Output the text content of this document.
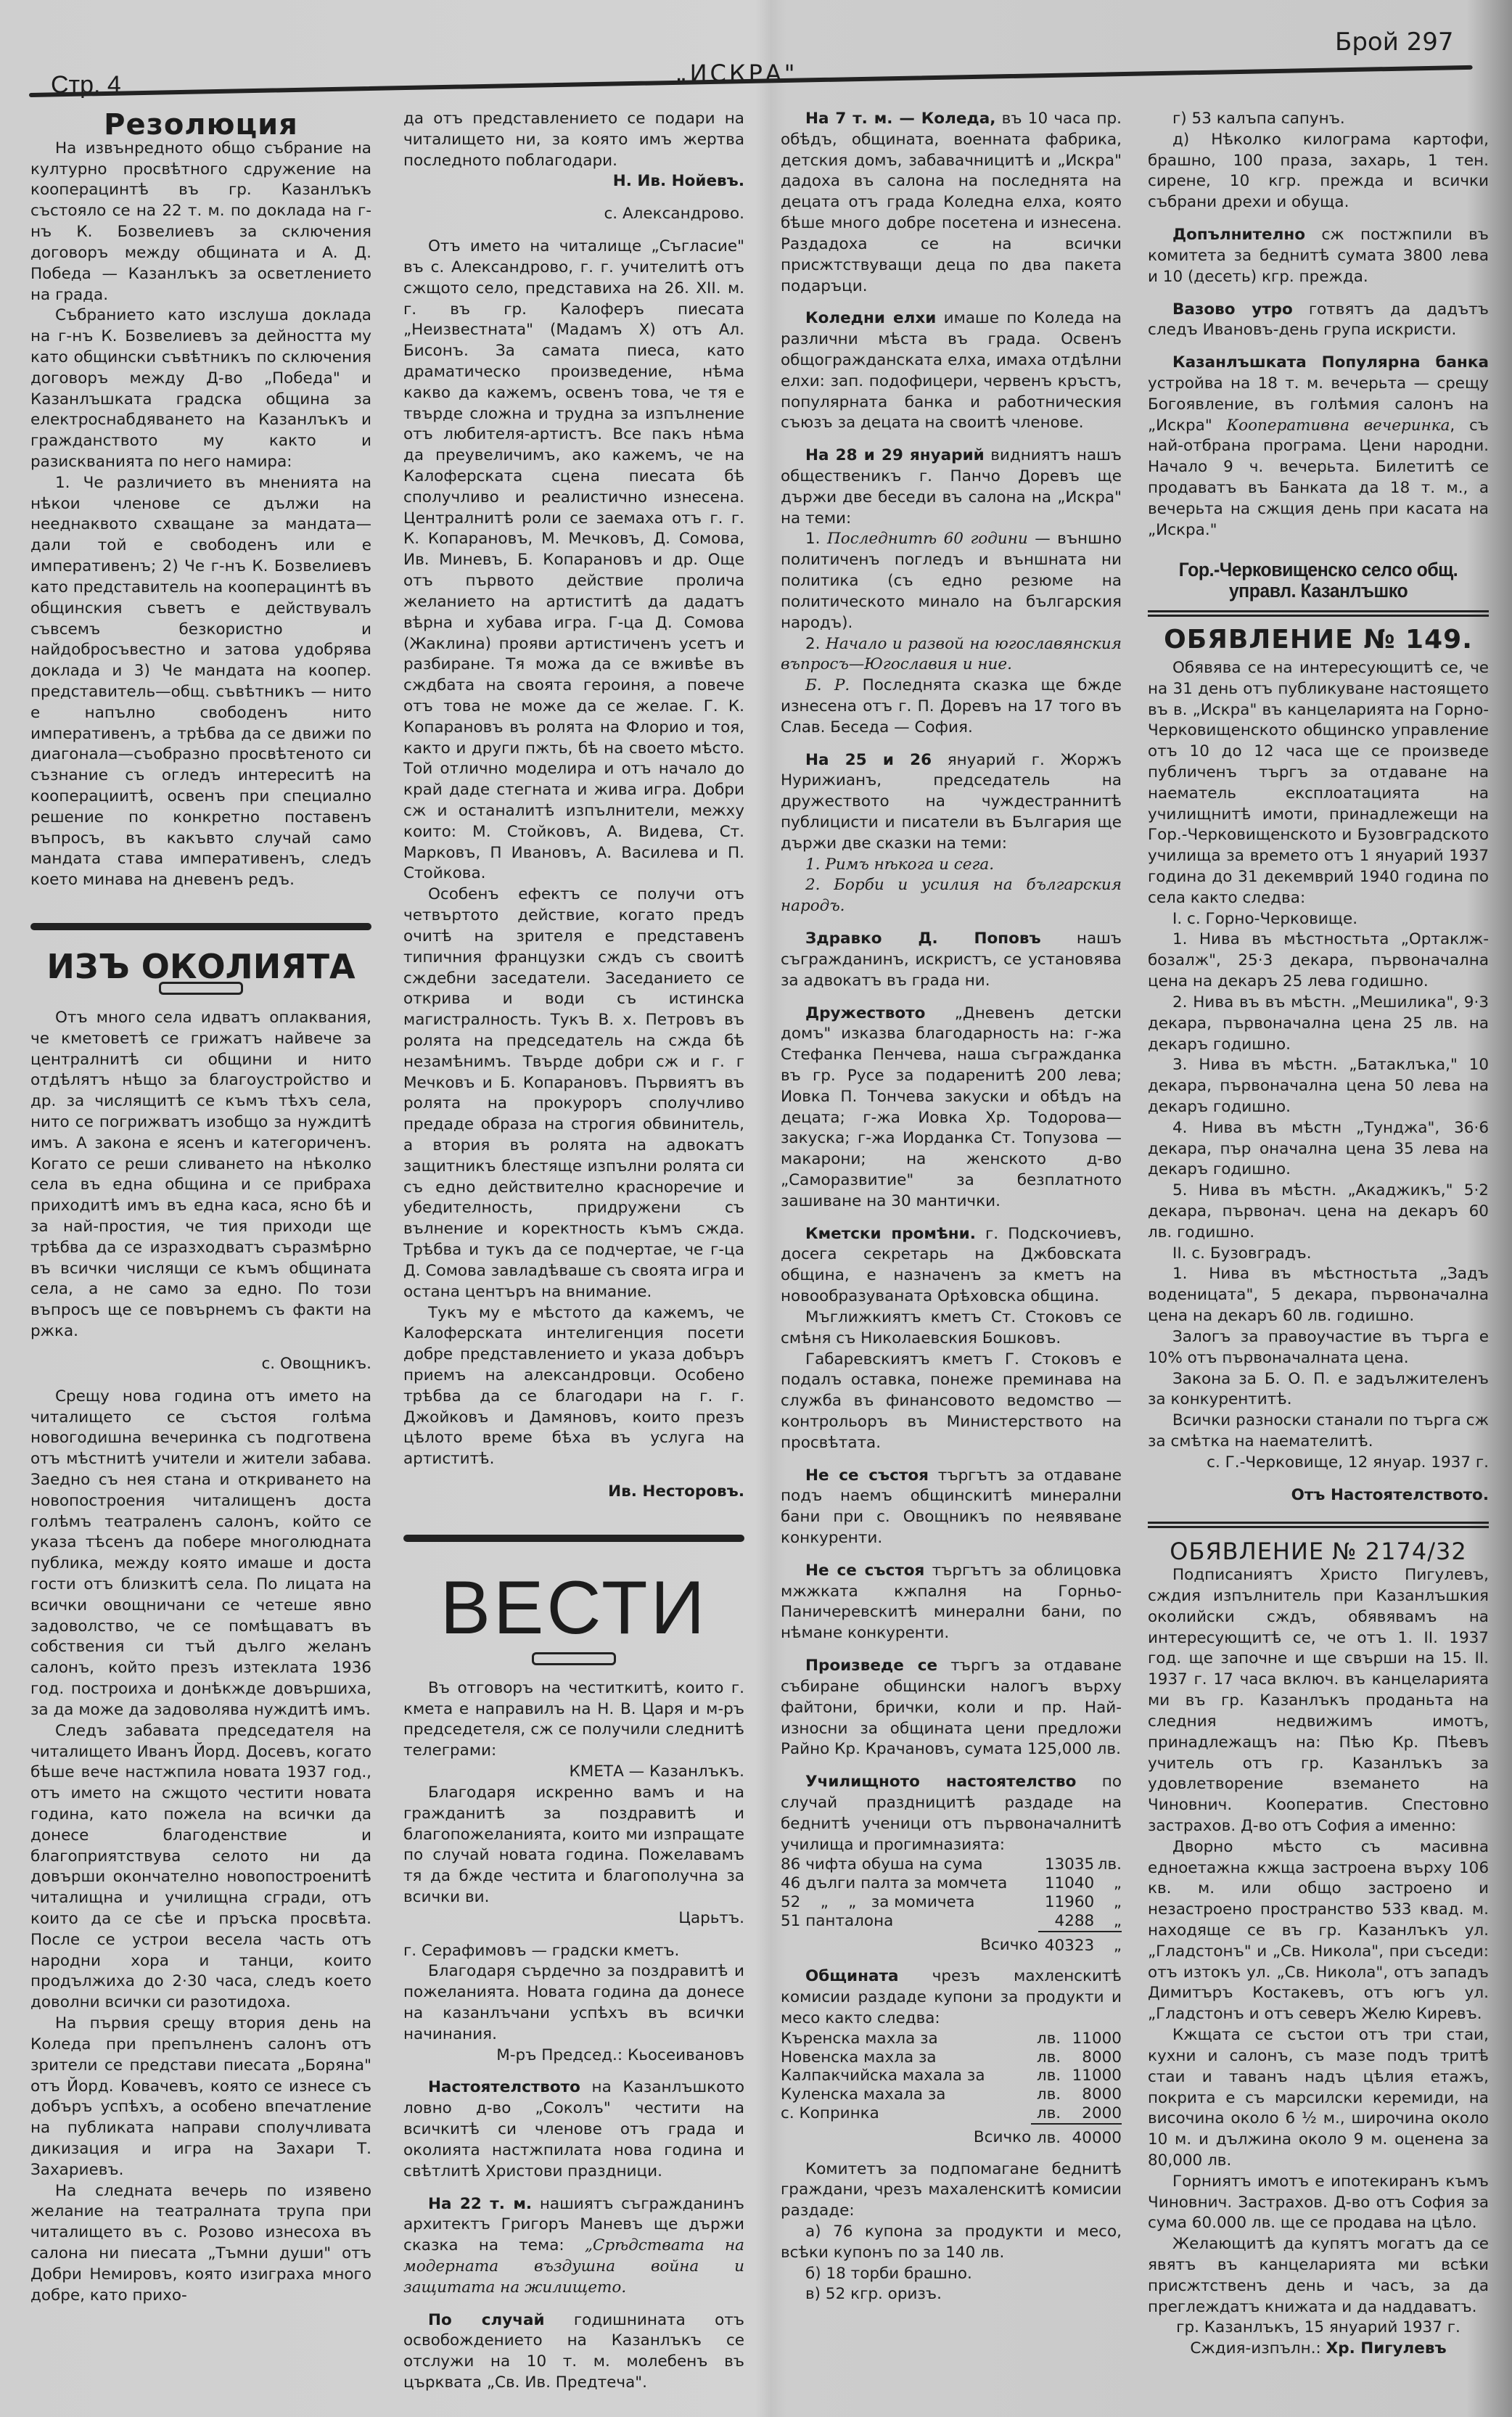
Стр. 4	„ИСКРА"
Брой 297
Резолюция

На извънредното общо събрание на културно просвѣтного сдружение на кооперацинтѣ въ гр. Казанлъкъ състояло се на 22 т. м. по доклада на г-нъ К. Бозвелиевъ за сключения договоръ между общината и А. Д. Победа — Казанлъкъ за осветлението на града.

Събранието като изслуша доклада на г-нъ К. Бозвелиевъ за дейността му като общински съвѣтникъ по сключения договоръ между Д-во „Победа" и Казанлъшката градска община за електроснабдяването на Казанлъкъ и гражданството му както и разискванията по него намира:

1. Че различието въ мненията на нѣкои членове се дължи на нееднаквото схващане за мандата—дали той е свободенъ или е императивенъ; 2) Че г-нъ К. Бозвелиевъ като представитель на кооперацинтѣ въ общинския съветъ е действувалъ съвсемъ безкористно и найдобросъвестно и затова удобрява доклада и 3) Че мандата на коопер. представитель—общ. съвѣтникъ — нито е напълно свободенъ нито императивенъ, а трѣбва да се движи по диагонала—съобразно просвѣтеното си съзнание съ огледъ интереситѣ на кооперациитѣ, освенъ при специално решение по конкретно поставенъ въпросъ, въ какъвто случай само мандата става императивенъ, следъ което минава на дневенъ редъ.

ИЗЪ ОКОЛИЯТА

Отъ много села идватъ оплаквания, че кметоветѣ се грижатъ найвече за централнитѣ си общини и нито отдѣлятъ нѣщо за благоустройство и др. за числящитѣ се къмъ тѣхъ села, нито се погрижватъ изобщо за нуждитѣ имъ. А закона е ясенъ и категориченъ. Когато се реши сливането на нѣколко села въ една община и се прибраха приходитѣ имъ въ една каса, ясно бѣ и за най-простия, че тия приходи ще трѣбва да се изразходватъ съразмѣрно въ всички числящи се къмъ общината села, а не само за едно. По този въпросъ ще се повърнемъ съ факти на ржка.

с. Овощникъ.

Срещу нова година отъ името на читалището се състоя голѣма новогодишна вечеринка съ подготвена отъ мѣстнитѣ учители и жители забава. Заедно съ нея стана и откриването на новопостроения читалищенъ доста голѣмъ театраленъ салонъ, който се указа тѣсенъ да побере многолюдната публика, между която имаше и доста гости отъ близкитѣ села. По лицата на всички овощничани се четеше явно задоволство, че се помѣщаватъ въ собствения си тъй дълго желанъ салонъ, който презъ изтеклата 1936 год. построиха и донѣкжде довършиха, за да може да задоволява нуждитѣ имъ.

Следъ забавата председателя на читалището Иванъ Йорд. Досевъ, когато бѣше вече настжпила новата 1937 год., отъ името на сжщото честити новата година, като пожела на всички да донесе благоденствие и благоприятствува селото ни да довърши окончателно новопостроенитѣ читалищна и училищна сгради, отъ които да се сѣе и пръска просвѣта. После се устрои весела часть отъ народни хора и танци, които продължиха до 2·30 часа, следъ което доволни всички си разотидоха.

На първия срещу втория день на Коледа при препълненъ салонъ отъ зрители се представи пиесата „Боряна" отъ Йорд. Ковачевъ, която се изнесе съ добъръ успѣхъ, а особено впечатление на публиката направи сполучливата дикизация и игра на Захари Т. Захариевъ.

На следната вечерь по изявено желание на театралната трупа при читалището въ с. Розово изнесоха въ салона ни пиесата „Тъмни души" отъ Добри Немировъ, която изиграха много добре, като прихо-

да отъ представлението се подари на читалището ни, за която имъ жертва последното поблагодари.

Н. Ив. Нойевъ.

с. Александрово.

Отъ името на читалище „Съгласие" въ с. Александрово, г. г. учителитѣ отъ сжщото село, представиха на 26. XII. м. г. въ гр. Калоферъ пиесата „Неизвестната" (Мадамъ Х) отъ Ал. Бисонъ. За самата пиеса, като драматическо произведение, нѣма какво да кажемъ, освенъ това, че тя е твърде сложна и трудна за изпълнение отъ любителя-артистъ. Все пакъ нѣма да преувеличимъ, ако кажемъ, че на Калоферската сцена пиесата бѣ сполучливо и реалистично изнесена. Централнитѣ роли се заемаха отъ г. г. К. Копарановъ, М. Мечковъ, Д. Сомова, Ив. Миневъ, Б. Копарановъ и др. Още отъ първото действие пролича желанието на артиститѣ да дадатъ вѣрна и хубава игра. Г-ца Д. Сомова (Жаклина) прояви артистиченъ усетъ и разбиране. Тя можа да се вживѣе въ сждбата на своята героиня, а повече отъ това не може да се желае. Г. К. Копарановъ въ ролята на Флорио и тоя, както и други пжть, бѣ на своето мѣсто. Той отлично моделира и отъ начало до край даде стегната и жива игра. Добри сж и останалитѣ изпълнители, межху които: М. Стойковъ, А. Видева, Ст. Марковъ, П Ивановъ, А. Василева и П. Стойкова.

Особенъ ефектъ се получи отъ четвъртото действие, когато предъ очитѣ на зрителя е представенъ типичния французки сждъ съ своитѣ сждебни заседатели. Заседанието се открива и води съ истинска магистралность. Тукъ В. х. Петровъ въ ролята на председатель на сжда бѣ незамѣнимъ. Твърде добри сж и г. г Мечковъ и Б. Копарановъ. Първиятъ въ ролята на прокуроръ сполучливо предаде образа на строгия обвинитель, а втория въ ролята на адвокатъ защитникъ блестяще изпълни ролята си съ едно действително красноречие и убедителность, придружени съ вълнение и коректность къмъ сжда. Трѣбва и тукъ да се подчертае, че г-ца Д. Сомова завладѣваше съ своята игра и остана центъръ на внимание.

Тукъ му е мѣстото да кажемъ, че Калоферската интелигенция посети добре представлението и указа добъръ приемъ на александровци. Особено трѣбва да се благодари на г. г. Джойковъ и Дамяновъ, които презъ цѣлото време бѣха въ услуга на артиститѣ.

Ив. Несторовъ.

ВЕСТИ

Въ отговоръ на честиткитѣ, които г. кмета е направилъ на Н. В. Царя и м-ръ председетеля, сж се получили следнитѣ телеграми:

КМЕТА — Казанлъкъ.

Благодаря искренно вамъ и на гражданитѣ за поздравитѣ и благопожеланията, които ми изпращате по случай новата година. Пожелавамъ тя да бжде честита и благополучна за всички ви.

Царьтъ.

г. Серафимовъ — градски кметъ.

Благодаря сърдечно за поздравитѣ и пожеланията. Новата година да донесе на казанлъчани успѣхъ въ всички начинания.

М-ръ Председ.: Кьосеивановъ

Настоятелството на Казанлъшкото ловно д-во „Соколъ" честити на всичкитѣ си членове отъ града и околията настжпилата нова година и свѣтлитѣ Христови праздници.

На 22 т. м. нашиятъ съгражданинъ архитектъ Григоръ Маневъ ще държи сказка на тема: „Срѣдствата на модерната въздушна война и защитата на жилището.

По случай годишнината отъ освобождението на Казанлъкъ се отслужи на 10 т. м. молебенъ въ църквата „Св. Ив. Предтеча".

На 7 т. м. — Коледа, въ 10 часа пр. обѣдъ, общината, военната фабрика, детския домъ, забавачницитѣ и „Искра" дадоха въ салона на последнята на децата отъ града Коледна елха, която бѣше много добре посетена и изнесена. Раздадоха се на всички присжтствуващи деца по два пакета подаръци.

Коледни елхи имаше по Коледа на различни мѣста въ града. Освенъ общогражданската елха, имаха отдѣлни елхи: зап. подофицери, червенъ кръстъ, популярната банка и работническия съюзъ за децата на своитѣ членове.

На 28 и 29 януарий видниятъ нашъ общественикъ г. Панчо Доревъ ще държи две беседи въ салона на „Искра" на теми:

1. Последнитѣ 60 години — външно политиченъ погледъ и външната ни политика (съ едно резюме на политическото минало на българския народъ).

2. Начало и развой на югославянския въпросъ—Югославия и ние.

Б. Р. Последнята сказка ще бжде изнесена отъ г. П. Доревъ на 17 того въ Слав. Беседа — София.

На 25 и 26 януарий г. Жоржъ Нурижианъ, председатель на дружеството на чуждестраннитѣ публицисти и писатели въ България ще държи две сказки на теми:

1. Римъ нѣкога и сега.

2. Борби и усилия на българския народъ.

Здравко Д. Поповъ нашъ съгражданинъ, искристъ, се установява за адвокатъ въ града ни.

Дружеството „Дневенъ детски домъ" изказва благодарность на: г-жа Стефанка Пенчева, наша съгражданка въ гр. Русе за подаренитѣ 200 лева; Иовка П. Тончева закуски и обѣдъ на децата; г-жа Иовка Хр. Тодорова—закуска; г-жа Иорданка Ст. Топузова — макарони; на женското д-во „Саморазвитие" за безплатното зашиване на 30 мантички.

Кметски промѣни. г. Подскочиевъ, досега секретарь на Джбовската община, е назначенъ за кметъ на новообразуваната Орѣховска община.

Мъглижкиятъ кметъ Ст. Стоковъ се смѣня съ Николаевския Бошковъ.

Габаревскиятъ кметъ Г. Стоковъ е подалъ оставка, понеже преминава на служба въ финансовото ведомство — контрольоръ въ Министерството на просвѣтата.

Не се състоя търгътъ за отдаване подъ наемъ общинскитѣ минерални бани при с. Овощникъ по неявяване конкуренти.

Не се състоя търгътъ за облицовка мжжката кжпалня на Горньо-Паничеревскитѣ минерални бани, по нѣмане конкуренти.

Произведе се търгъ за отдаване събиране общински налогъ върху файтони, брички, коли и пр. Най-износни за общината цени предложи Райно Кр. Крачановъ, сумата 125,000 лв.

Училищното настоятелство по случай праздницитѣ раздаде на беднитѣ ученици отъ първоначалнитѣ училища и прогимназията:

86 чифта обуша на сума	13035	лв.
46 дълги палта за момчета	11040	„
52    „    „   за момичета	11960	„
51 панталона	4288	„
Всичко	40323	„

Общината чрезъ махленскитѣ комисии раздаде купони за продукти и месо както следва:

Къренска махла за	лв.	11000
Новенска махла за	лв.	8000
Калпакчийска махала за	лв.	11000
Куленска махала за	лв.	8000
с. Копринка	лв.	2000
Всичко	лв.	40000

Комитетъ за подпомагане беднитѣ граждани, чрезъ махаленскитѣ комисии раздаде:

а) 76 купона за продукти и месо, всѣки купонъ по за 140 лв.

б) 18 торби брашно.

в) 52 кгр. оризъ.

г) 53 калъпа сапунъ.

д) Нѣколко килограма картофи, брашно, 100 праза, захарь, 1 тен. сирене, 10 кгр. прежда и всички събрани дрехи и обуща.

Допълнително сж постжпили въ комитета за беднитѣ сумата 3800 лева и 10 (десеть) кгр. прежда.

Вазово утро готвятъ да дадътъ следъ Ивановъ-день група искристи.

Казанлъшката Популярна банка устройва на 18 т. м. вечерьта — срещу Богоявление, въ голѣмия салонъ на „Искра" Кооперативна вечеринка, съ най-отбрана програма. Цени народни. Начало 9 ч. вечерьта. Билетитѣ се продаватъ въ Банката да 18 т. м., а вечерьта на сжщия день при касата на „Искра."

Гор.-Черковищенско селсо общ. управл. Казанлъшко
ОБЯВЛЕНИЕ № 149.

Обявява се на интересующитѣ се, че на 31 день отъ публикуване настоящето въ в. „Искра" въ канцеларията на Горно-Черковищенското общинско управление отъ 10 до 12 часа ще се произведе публиченъ търгъ за отдаване на наематель експлоатацията на училищнитѣ имоти, принадлежещи на Гор.-Черковищенското и Бузовградското училища за времето отъ 1 януарий 1937 година до 31 декемврий 1940 година по села както следва:

I. с. Горно-Черковище.

1. Нива въ мѣстностьта „Ортаклж-бозалж", 25·3 декара, първоначална цена на декаръ 25 лева годишно.

2. Нива въ въ мѣстн. „Мешилика", 9·3 декара, първоначална цена 25 лв. на декаръ годишно.

3. Нива въ мѣстн. „Батаклъка," 10 декара, първоначална цена 50 лева на декаръ годишно.

4. Нива въ мѣстн „Тунджа", 36·6 декара, пър оначална цена 35 лева на декаръ годишно.

5. Нива въ мѣстн. „Акаджикъ," 5·2 декара, първонач. цена на декаръ 60 лв. годишно.

II. с. Бузовградъ.

1. Нива въ мѣстностьта „Задъ воденицата", 5 декара, първоначална цена на декаръ 60 лв. годишно.

Залогъ за правоучастие въ търга е 10% отъ първоначалната цена.

Закона за Б. О. П. е задължителенъ за конкурентитѣ.

Всички разноски станали по търга сж за смѣтка на наемателитѣ.

с. Г.-Черковище, 12 януар. 1937 г.

Отъ Настоятелството.

ОБЯВЛЕНИЕ № 2174/32

Подписаниятъ Христо Пигулевъ, сждия изпълнитель при Казанлъшкия околийски сждъ, обявявамъ на интересующитѣ се, че отъ 1. II. 1937 год. ще започне и ще свърши на 15. II. 1937 г. 17 часа включ. въ канцеларията ми въ гр. Казанлъкъ проданьта на следния недвижимъ имотъ, принадлежащъ на: Пѣю Кр. Пѣевъ учитель отъ гр. Казанлъкъ за удовлетворение вземането на Чиновнич. Кооператив. Спестовно застрахов. Д-во отъ София а именно:

Дворно мѣсто съ масивна едноетажна кжща застроена върху 106 кв. м. или общо застроено и незастроено пространство 533 квад. м. находяще се въ гр. Казанлъкъ ул. „Гладстонъ" и „Св. Никола", при съседи: отъ изтокъ ул. „Св. Никола", отъ западъ Димитъръ Костакевъ, отъ югъ ул. „Гладстонъ и отъ северъ Желю Киревъ.

Кжщата се състои отъ три стаи, кухни и салонъ, съ мазе подъ тритѣ стаи и таванъ надъ цѣлия етажъ, покрита е съ марсилски керемиди, на височина около 6 ½ м., широчина около 10 м. и дължина около 9 м. оценена за 80,000 лв.

Горниятъ имотъ е ипотекиранъ къмъ Чиновнич. Застрахов. Д-во отъ София за сума 60.000 лв. ще се продава на цѣло.

Желающитѣ да купятъ могатъ да се явятъ въ канцеларията ми всѣки присжтственъ день и часъ, за да преглеждатъ книжата и да наддаватъ.

гр. Казанлъкъ, 15 януарий 1937 г.

Сждия-изпълн.: Хр. Пигулевъ
